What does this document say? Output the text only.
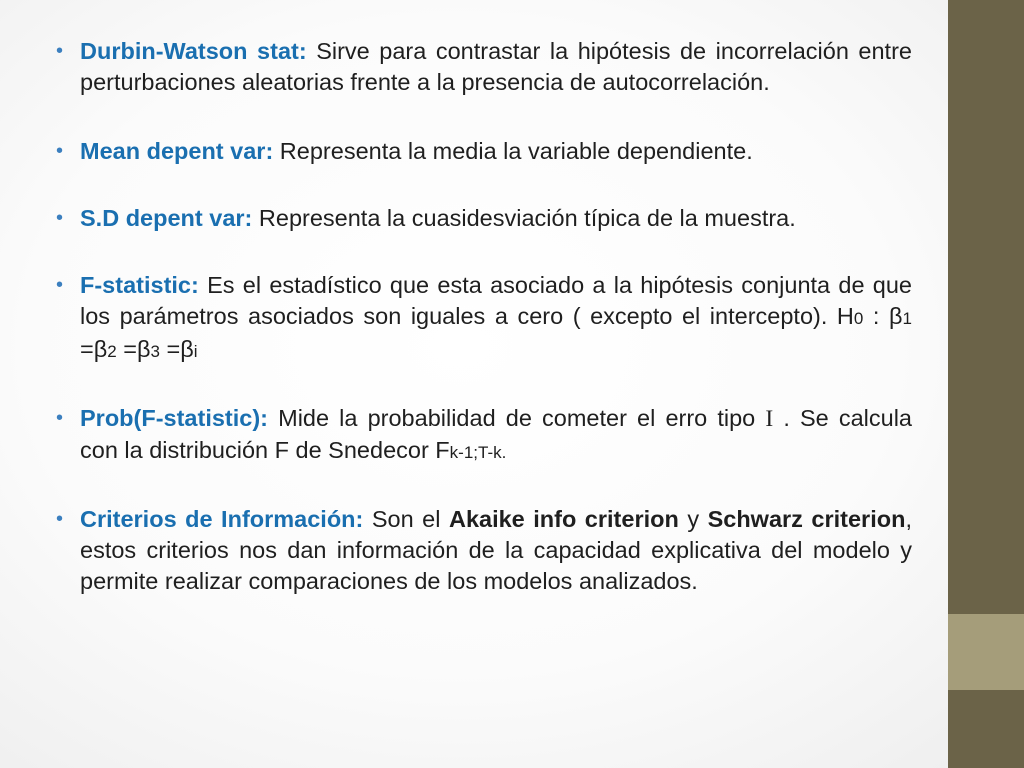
• Durbin-Watson stat: Sirve para contrastar la hipótesis de incorrelación entre perturbaciones aleatorias frente a la presencia de autocorrelación.
• Mean depent var: Representa la media la variable dependiente.
• S.D depent var: Representa la cuasidesviación típica de la muestra.
• F-statistic: Es el estadístico que esta asociado a la hipótesis conjunta de que los parámetros asociados son iguales a cero ( excepto el intercepto). H0 : β1 =β2 =β3 =βi
• Prob(F-statistic): Mide la probabilidad de cometer el erro tipo I . Se calcula con la distribución F de Snedecor Fk-1;T-k.
• Criterios de Información: Son el Akaike info criterion y Schwarz criterion, estos criterios nos dan información de la capacidad explicativa del modelo y permite realizar comparaciones de los modelos analizados.
